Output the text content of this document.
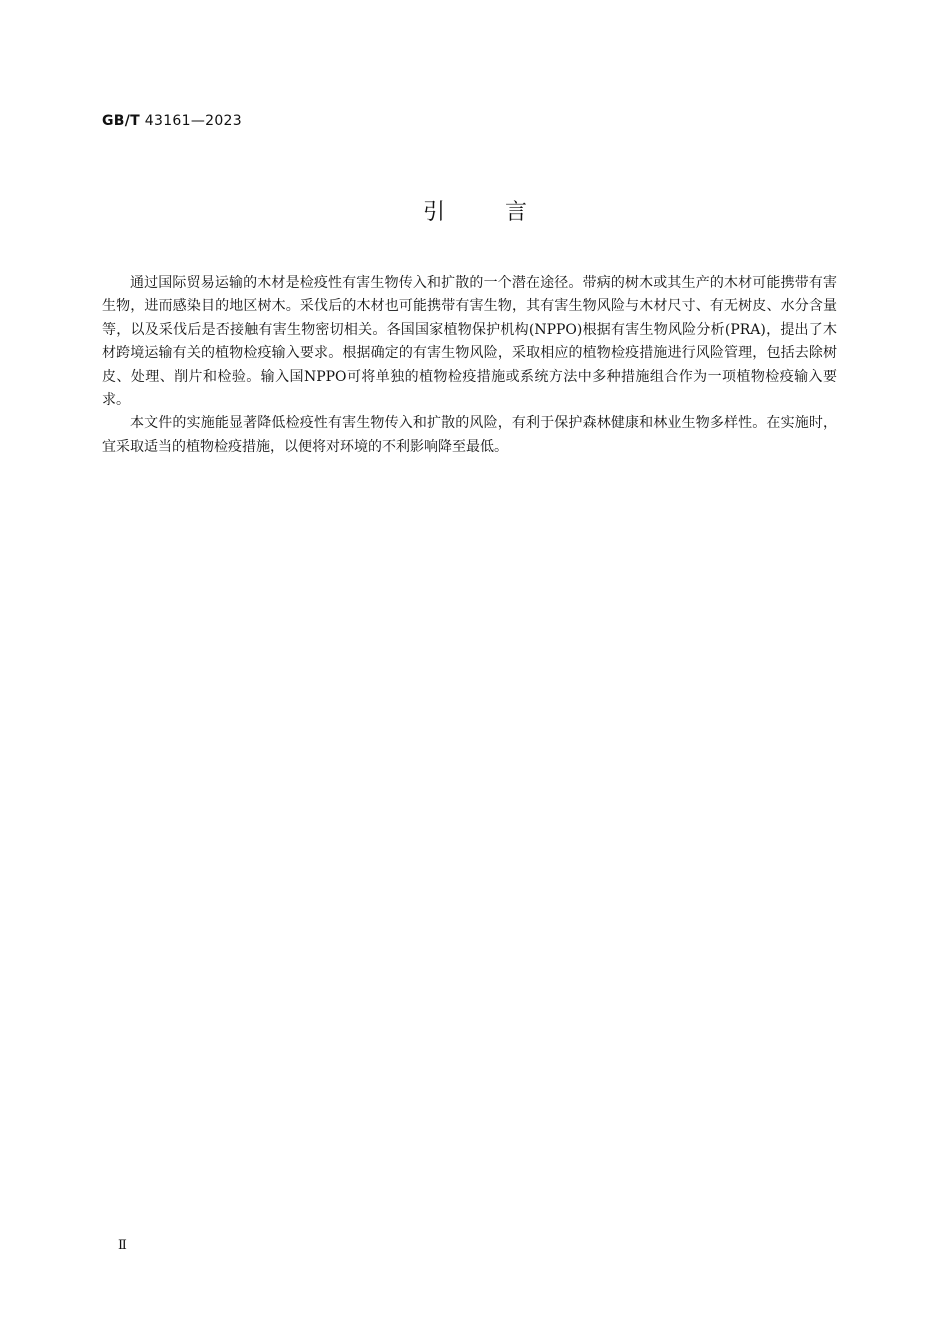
GB/T 43161—2023
引言

通过国际贸易运输的木材是检疫性有害生物传入和扩散的一个潜在途径。带病的树木或其生产的木材可能携带有害生物，进而感染目的地区树木。采伐后的木材也可能携带有害生物，其有害生物风险与木材尺寸、有无树皮、水分含量等，以及采伐后是否接触有害生物密切相关。各国国家植物保护机构(NPPO)根据有害生物风险分析(PRA)，提出了木材跨境运输有关的植物检疫输入要求。根据确定的有害生物风险，采取相应的植物检疫措施进行风险管理，包括去除树皮、处理、削片和检验。输入国NPPO可将单独的植物检疫措施或系统方法中多种措施组合作为一项植物检疫输入要求。

本文件的实施能显著降低检疫性有害生物传入和扩散的风险，有利于保护森林健康和林业生物多样性。在实施时，宜采取适当的植物检疫措施，以便将对环境的不利影响降至最低。

Ⅱ
